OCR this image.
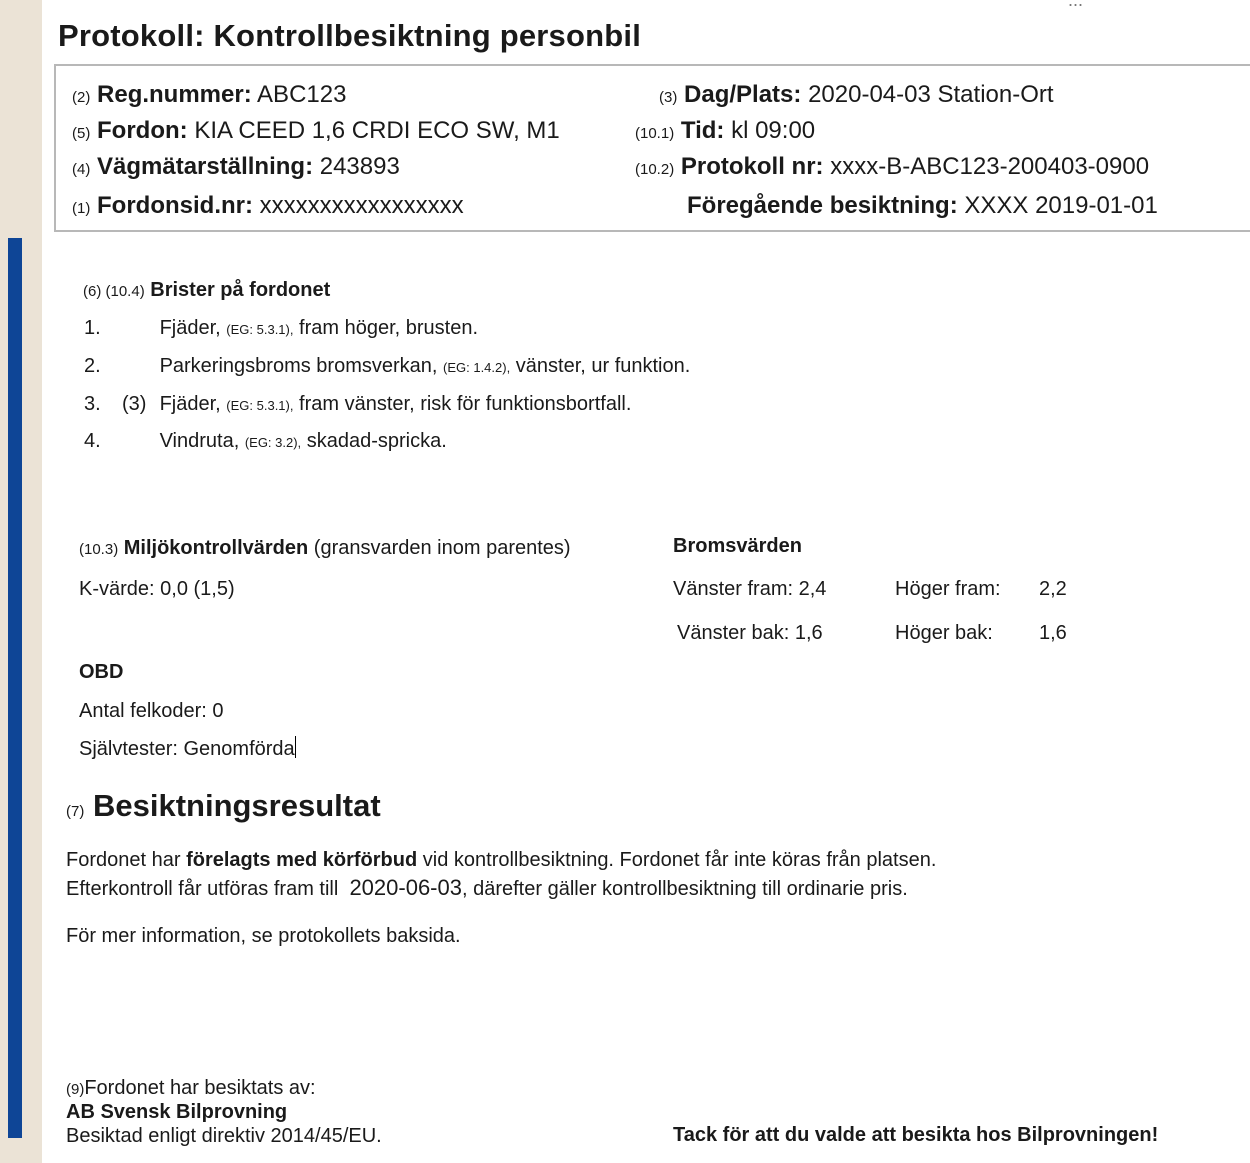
...
Protokoll: Kontrollbesiktning personbil
(2) Reg.nummer: ABC123
(5) Fordon: KIA CEED 1,6 CRDI ECO SW, M1
(4) Vägmätarställning: 243893
(1) Fordonsid.nr: xxxxxxxxxxxxxxxxx
(3) Dag/Plats: 2020-04-03 Station-Ort
(10.1) Tid: kl 09:00
(10.2) Protokoll nr: xxxx-B-ABC123-200403-0900
Föregående besiktning: XXXX 2019-01-01
(6) (10.4) Brister på fordonet
1.	Fjäder, (EG: 5.3.1), fram höger, brusten.
2.	Parkeringsbroms bromsverkan, (EG: 1.4.2), vänster, ur funktion.
3. (3) Fjäder, (EG: 5.3.1), fram vänster, risk för funktionsbortfall.
4.	Vindruta, (EG: 3.2), skadad-spricka.
(10.3) Miljökontrollvärden (gransvarden inom parentes)
K-värde: 0,0 (1,5)
Bromsvärden
Vänster fram: 2,4	Höger fram: 2,2
Vänster bak: 1,6	Höger bak: 1,6
OBD
Antal felkoder: 0
Självtester: Genomförda
(7) Besiktningsresultat
Fordonet har förelagts med körförbud vid kontrollbesiktning. Fordonet får inte köras från platsen.
Efterkontroll får utföras fram till 2020-06-03, därefter gäller kontrollbesiktning till ordinarie pris.
För mer information, se protokollets baksida.
(9)Fordonet har besiktats av:
AB Svensk Bilprovning
Besiktad enligt direktiv 2014/45/EU.	Tack för att du valde att besikta hos Bilprovningen!
